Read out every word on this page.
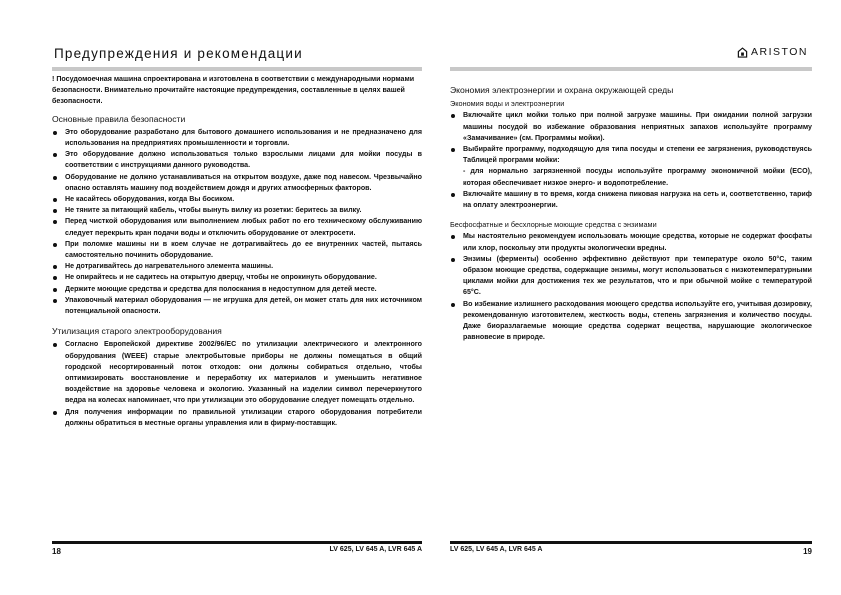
Предупреждения и рекомендации

! Посудомоечная машина спроектирована и изготовлена в соответствии с международными нормами безопасности. Внимательно прочитайте настоящие предупреждения, составленные в целях вашей безопасности.

Основные правила безопасности
Это оборудование разработано для бытового домашнего использования и не предназначено для использования на предприятиях промышленности и торговли.
Это оборудование должно использоваться только взрослыми лицами для мойки посуды в соответствии с инструкциями данного руководства.
Оборудование не должно устанавливаться на открытом воздухе, даже под навесом. Чрезвычайно опасно оставлять машину под воздействием дождя и других атмосферных факторов.
Не касайтесь оборудования, когда Вы босиком.
Не тяните за питающий кабель, чтобы вынуть вилку из розетки: беритесь за вилку.
Перед чисткой оборудования или выполнением любых работ по его техническому обслуживанию следует перекрыть кран подачи воды и отключить оборудование от электросети.
При поломке машины ни в коем случае не дотрагивайтесь до ее внутренних частей, пытаясь самостоятельно починить оборудование.
Не дотрагивайтесь до нагревательного элемента машины.
Не опирайтесь и не садитесь на открытую дверцу, чтобы не опрокинуть оборудование.
Держите моющие средства и средства для полоскания в недоступном для детей месте.
Упаковочный материал оборудования — не игрушка для детей, он может стать для них источником потенциальной опасности.
Утилизация старого электрооборудования
Согласно Европейской директиве 2002/96/ЕС по утилизации электрического и электронного оборудования (WEEE) старые электробытовые приборы не должны помещаться в общий городской несортированный поток отходов: они должны собираться отдельно, чтобы оптимизировать восстановление и переработку их материалов и уменьшить негативное воздействие на здоровье человека и экологию. Указанный на изделии символ перечеркнутого ведра на колесах напоминает, что при утилизации это оборудование следует помещать отдельно.
Для получения информации по правильной утилизации старого оборудования потребители должны обратиться в местные органы управления или в фирму-поставщик.
18	LV 625, LV 645 A, LVR 645 A
ARISTON
Экономия электроэнергии и охрана окружающей среды
Экономия воды и электроэнергии
Включайте цикл мойки только при полной загрузке машины. При ожидании полной загрузки машины посудой во избежание образования неприятных запахов используйте программу «Замачивание» (см. Программы мойки).
Выбирайте программу, подходящую для типа посуды и степени ее загрязнения, руководствуясь Таблицей программ мойки:
- для нормально загрязненной посуды используйте программу экономичной мойки (ECO), которая обеспечивает низкое энерго- и водопотребление.
Включайте машину в то время, когда снижена пиковая нагрузка на сеть и, соответственно, тариф на оплату электроэнергии.
Бесфосфатные и бесхлорные моющие средства с энзимами
Мы настоятельно рекомендуем использовать моющие средства, которые не содержат фосфаты или хлор, поскольку эти продукты экологически вредны.
Энзимы (ферменты) особенно эффективно действуют при температуре около 50°C, таким образом моющие средства, содержащие энзимы, могут использоваться с низкотемпературными циклами мойки для достижения тех же результатов, что и при обычной мойке с температурой 65°C.
Во избежание излишнего расходования моющего средства используйте его, учитывая дозировку, рекомендованную изготовителем, жесткость воды, степень загрязнения и количество посуды. Даже биоразлагаемые моющие средства содержат вещества, нарушающие экологическое равновесие в природе.
LV 625, LV 645 A, LVR 645 A	19
